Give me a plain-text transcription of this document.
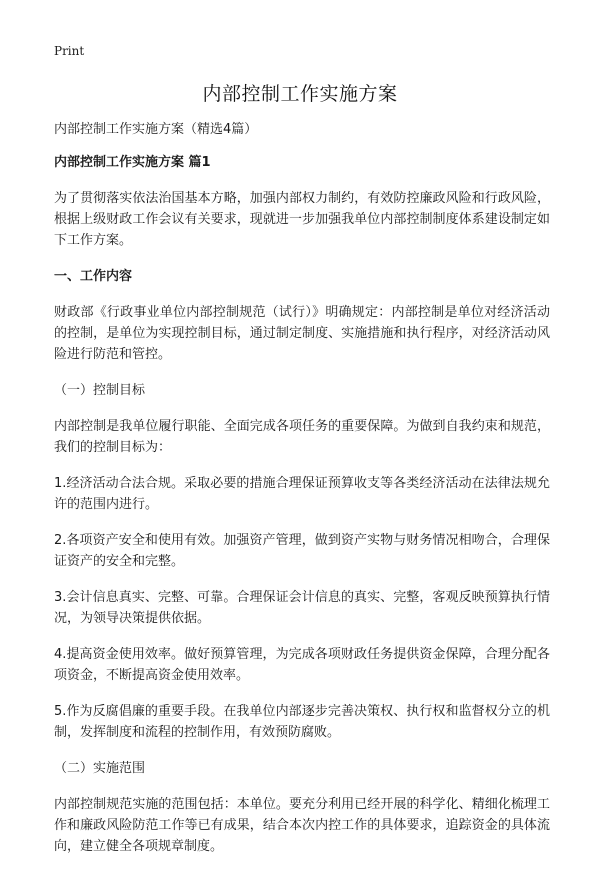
Print
内部控制工作实施方案

内部控制工作实施方案（精选4篇）

内部控制工作实施方案 篇1

为了贯彻落实依法治国基本方略，加强内部权力制约，有效防控廉政风险和行政风险，根据上级财政工作会议有关要求，现就进一步加强我单位内部控制制度体系建设制定如下工作方案。

一、工作内容

财政部《行政事业单位内部控制规范（试行）》明确规定：内部控制是单位对经济活动的控制，是单位为实现控制目标，通过制定制度、实施措施和执行程序，对经济活动风险进行防范和管控。

（一）控制目标

内部控制是我单位履行职能、全面完成各项任务的重要保障。为做到自我约束和规范，我们的控制目标为：

1.经济活动合法合规。采取必要的措施合理保证预算收支等各类经济活动在法律法规允许的范围内进行。

2.各项资产安全和使用有效。加强资产管理，做到资产实物与财务情况相吻合，合理保证资产的安全和完整。

3.会计信息真实、完整、可靠。合理保证会计信息的真实、完整，客观反映预算执行情况，为领导决策提供依据。

4.提高资金使用效率。做好预算管理，为完成各项财政任务提供资金保障，合理分配各项资金，不断提高资金使用效率。

5.作为反腐倡廉的重要手段。在我单位内部逐步完善决策权、执行权和监督权分立的机制，发挥制度和流程的控制作用，有效预防腐败。

（二）实施范围

内部控制规范实施的范围包括：本单位。要充分利用已经开展的科学化、精细化梳理工作和廉政风险防范工作等已有成果，结合本次内控工作的具体要求，追踪资金的具体流向，建立健全各项规章制度。
